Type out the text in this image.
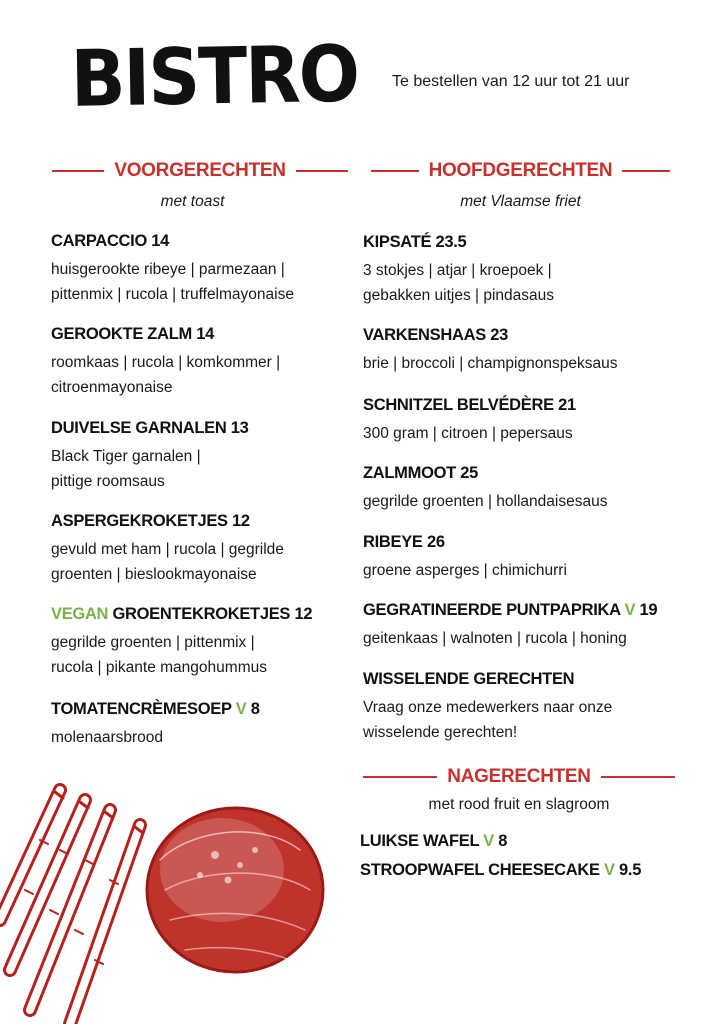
BISTRO Te bestellen van 12 uur tot 21 uur
VOORGERECHTEN
met toast
CARPACCIO 14
huisgerookte ribeye | parmezaan |
pittenmix | rucola | truffelmayonaise
GEROOKTE ZALM 14
roomkaas | rucola | komkommer |
citroenmayonaise
DUIVELSE GARNALEN 13
Black Tiger garnalen |
pittige roomsaus
ASPERGEKROKETJES 12
gevuld met ham | rucola | gegrilde
groenten | bieslookmayonaise
VEGAN GROENTEKROKETJES 12
gegrilde groenten | pittenmix |
rucola | pikante mangohummus
TOMATENCRÈMESOEP V 8
molenaarsbrood
HOOFDGERECHTEN
met Vlaamse friet
KIPSATÉ 23.5
3 stokjes | atjar | kroepoek |
gebakken uitjes | pindasaus
VARKENSHAAS 23
brie | broccoli | champignonspeksaus
SCHNITZEL BELVÉDÈRE 21
300 gram | citroen | pepersaus
ZALMMOOT 25
gegrilde groenten | hollandaisesaus
RIBEYE 26
groene asperges | chimichurri
GEGRATINEERDE PUNTPAPRIKA V 19
geitenkaas | walnoten | rucola | honing
WISSELENDE GERECHTEN
Vraag onze medewerkers naar onze
wisselende gerechten!
NAGERECHTEN
met rood fruit en slagroom
LUIKSE WAFEL V 8
STROOPWAFEL CHEESECAKE V 9.5
